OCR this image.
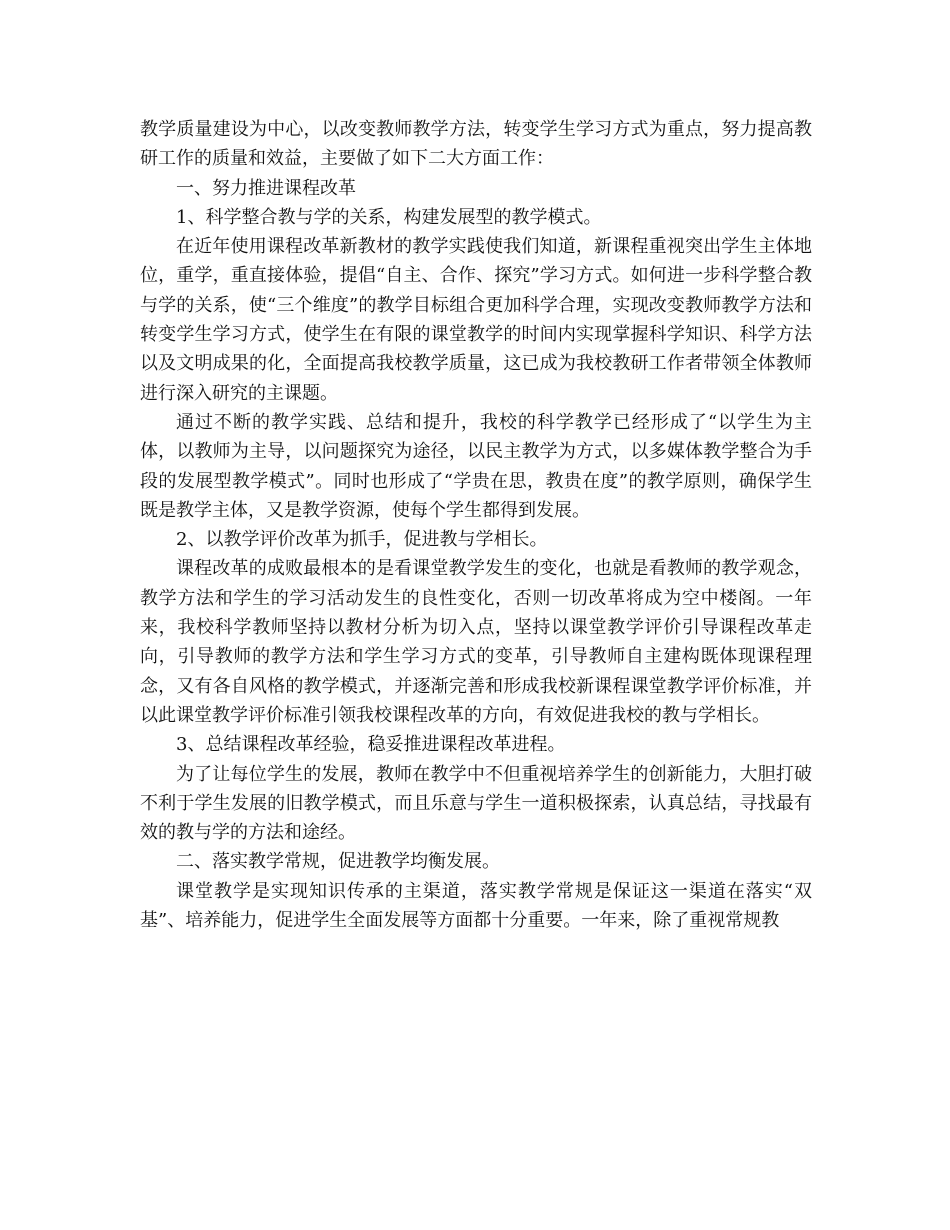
教学质量建设为中心，以改变教师教学方法，转变学生学习方式为重点，努力提高教研工作的质量和效益，主要做了如下二大方面工作：

一、努力推进课程改革

1、科学整合教与学的关系，构建发展型的教学模式。

在近年使用课程改革新教材的教学实践使我们知道，新课程重视突出学生主体地位，重学，重直接体验，提倡“自主、合作、探究”学习方式。如何进一步科学整合教与学的关系，使“三个维度”的教学目标组合更加科学合理，实现改变教师教学方法和转变学生学习方式，使学生在有限的课堂教学的时间内实现掌握科学知识、科学方法以及文明成果的化，全面提高我校教学质量，这已成为我校教研工作者带领全体教师进行深入研究的主课题。

通过不断的教学实践、总结和提升，我校的科学教学已经形成了“以学生为主体，以教师为主导，以问题探究为途径，以民主教学为方式，以多媒体教学整合为手段的发展型教学模式”。同时也形成了“学贵在思，教贵在度”的教学原则，确保学生既是教学主体，又是教学资源，使每个学生都得到发展。

2、以教学评价改革为抓手，促进教与学相长。

课程改革的成败最根本的是看课堂教学发生的变化，也就是看教师的教学观念，教学方法和学生的学习活动发生的良性变化，否则一切改革将成为空中楼阁。一年来，我校科学教师坚持以教材分析为切入点，坚持以课堂教学评价引导课程改革走向，引导教师的教学方法和学生学习方式的变革，引导教师自主建构既体现课程理念，又有各自风格的教学模式，并逐渐完善和形成我校新课程课堂教学评价标准，并以此课堂教学评价标准引领我校课程改革的方向，有效促进我校的教与学相长。

3、总结课程改革经验，稳妥推进课程改革进程。

为了让每位学生的发展，教师在教学中不但重视培养学生的创新能力，大胆打破不利于学生发展的旧教学模式，而且乐意与学生一道积极探索，认真总结，寻找最有效的教与学的方法和途经。

二、落实教学常规，促进教学均衡发展。

课堂教学是实现知识传承的主渠道，落实教学常规是保证这一渠道在落实“双基”、培养能力，促进学生全面发展等方面都十分重要。一年来，除了重视常规教
